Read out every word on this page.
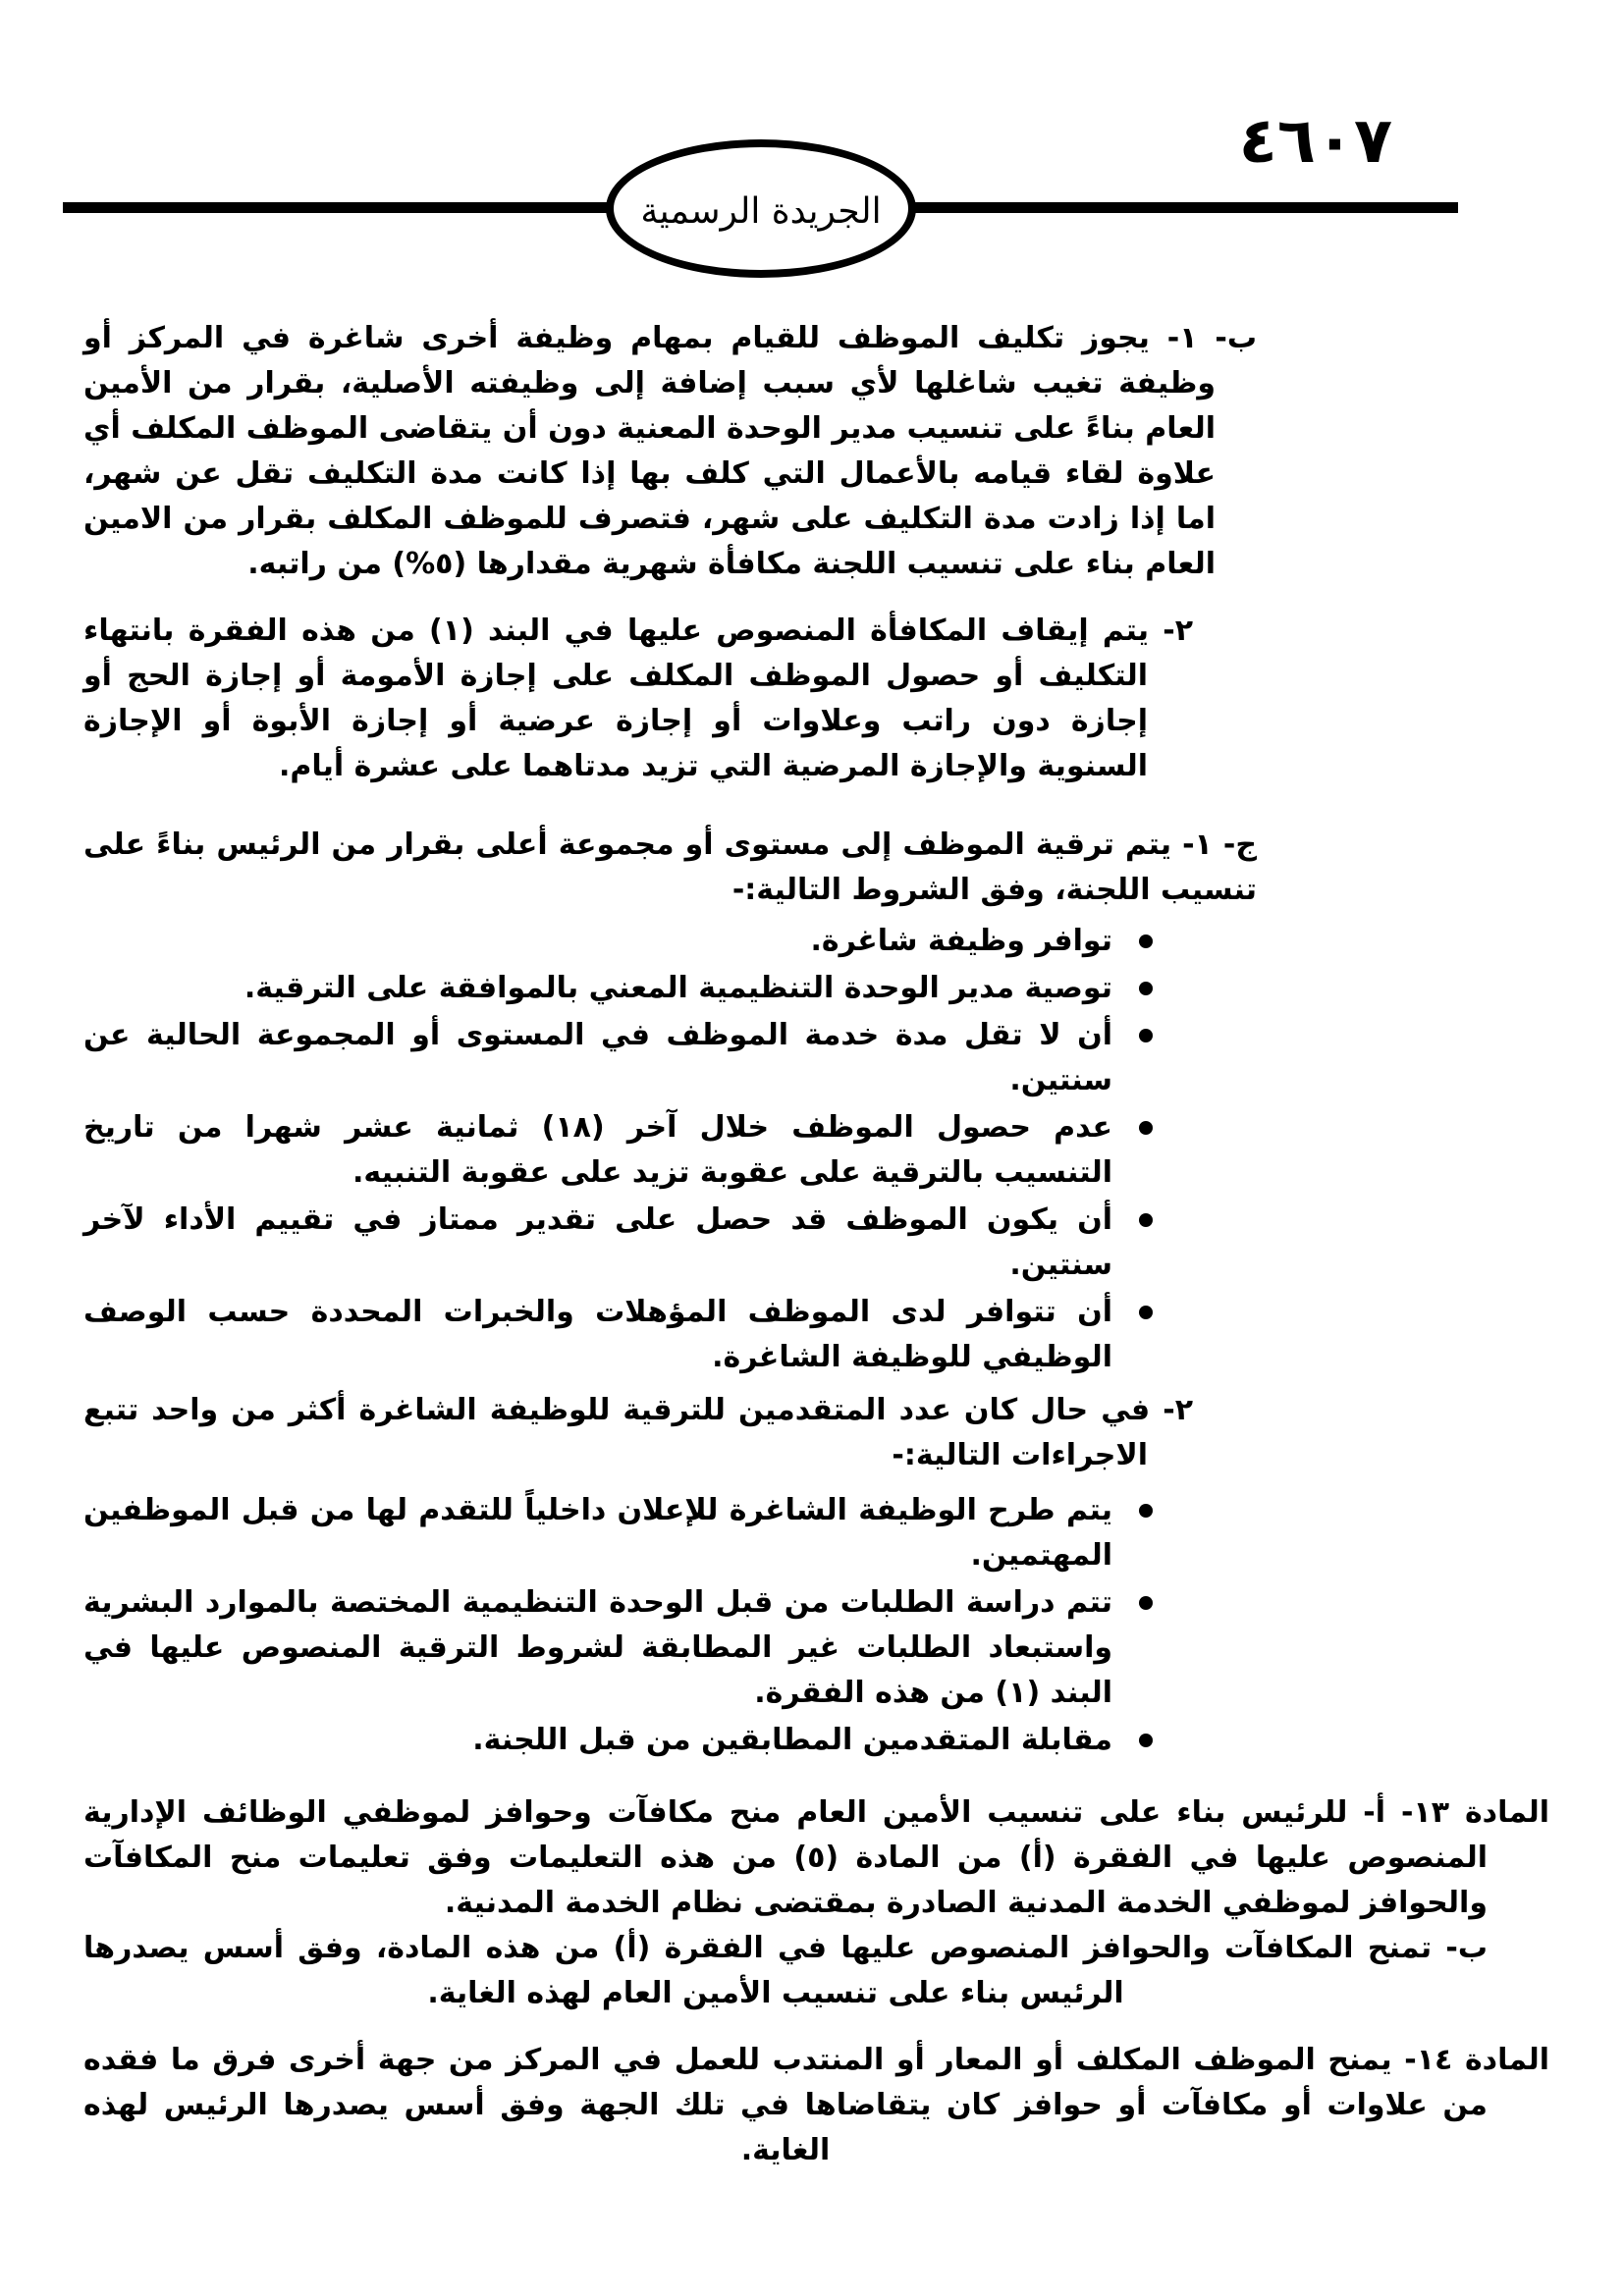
٤٦٠٧
الجريدة الرسمية

ب- ١- يجوز تكليف الموظف للقيام بمهام وظيفة أخرى شاغرة في المركز أو وظيفة تغيب شاغلها لأي سبب إضافة إلى وظيفته الأصلية، بقرار من الأمين العام بناءً على تنسيب مدير الوحدة المعنية دون أن يتقاضى الموظف المكلف أي علاوة لقاء قيامه بالأعمال التي كلف بها إذا كانت مدة التكليف تقل عن شهر، اما إذا زادت مدة التكليف على شهر، فتصرف للموظف المكلف بقرار من الامين العام بناء على تنسيب اللجنة مكافأة شهرية مقدارها (٥%) من راتبه.

٢- يتم إيقاف المكافأة المنصوص عليها في البند (١) من هذه الفقرة بانتهاء التكليف أو حصول الموظف المكلف على إجازة الأمومة أو إجازة الحج أو إجازة دون راتب وعلاوات أو إجازة عرضية أو إجازة الأبوة أو الإجازة السنوية والإجازة المرضية التي تزيد مدتاهما على عشرة أيام.

ج- ١- يتم ترقية الموظف إلى مستوى أو مجموعة أعلى بقرار من الرئيس بناءً على تنسيب اللجنة، وفق الشروط التالية:-

توافر وظيفة شاغرة.
توصية مدير الوحدة التنظيمية المعني بالموافقة على الترقية.
أن لا تقل مدة خدمة الموظف في المستوى أو المجموعة الحالية عن سنتين.
عدم حصول الموظف خلال آخر (١٨) ثمانية عشر شهرا من تاريخ التنسيب بالترقية على عقوبة تزيد على عقوبة التنبيه.
أن يكون الموظف قد حصل على تقدير ممتاز في تقييم الأداء لآخر سنتين.
أن تتوافر لدى الموظف المؤهلات والخبرات المحددة حسب الوصف الوظيفي للوظيفة الشاغرة.

٢- في حال كان عدد المتقدمين للترقية للوظيفة الشاغرة أكثر من واحد تتبع الاجراءات التالية:-

يتم طرح الوظيفة الشاغرة للإعلان داخلياً للتقدم لها من قبل الموظفين المهتمين.
تتم دراسة الطلبات من قبل الوحدة التنظيمية المختصة بالموارد البشرية واستبعاد الطلبات غير المطابقة لشروط الترقية المنصوص عليها في البند (١) من هذه الفقرة.
مقابلة المتقدمين المطابقين من قبل اللجنة.

المادة ١٣- أ- للرئيس بناء على تنسيب الأمين العام منح مكافآت وحوافز لموظفي الوظائف الإدارية المنصوص عليها في الفقرة (أ) من المادة (٥) من هذه التعليمات وفق تعليمات منح المكافآت والحوافز لموظفي الخدمة المدنية الصادرة بمقتضى نظام الخدمة المدنية.

ب- تمنح المكافآت والحوافز المنصوص عليها في الفقرة (أ) من هذه المادة، وفق أسس يصدرها الرئيس بناء على تنسيب الأمين العام لهذه الغاية.

المادة ١٤- يمنح الموظف المكلف أو المعار أو المنتدب للعمل في المركز من جهة أخرى فرق ما فقده من علاوات أو مكافآت أو حوافز كان يتقاضاها في تلك الجهة وفق أسس يصدرها الرئيس لهذه الغاية.
